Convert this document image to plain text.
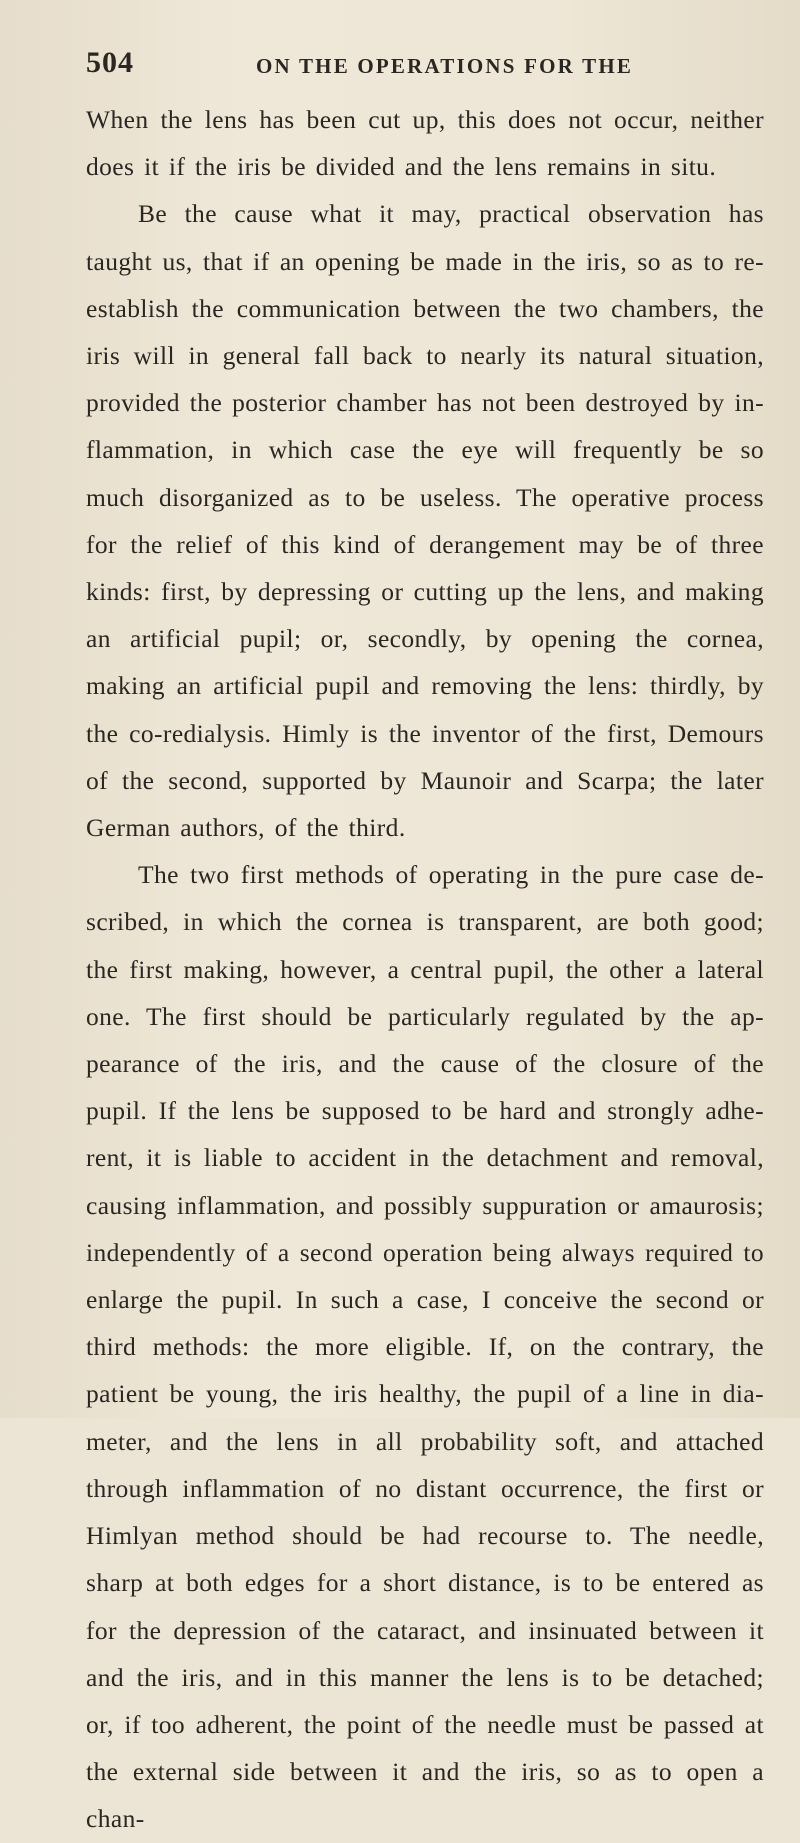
504	ON THE OPERATIONS FOR THE

When the lens has been cut up, this does not occur, neither does it if the iris be divided and the lens remains in situ.

Be the cause what it may, practical observation has taught us, that if an opening be made in the iris, so as to re-establish the communication between the two chambers, the iris will in general fall back to nearly its natural situation, provided the posterior chamber has not been destroyed by in-flammation, in which case the eye will frequently be so much disorganized as to be useless. The operative process for the relief of this kind of derangement may be of three kinds: first, by depressing or cutting up the lens, and making an artificial pupil; or, secondly, by opening the cornea, making an artificial pupil and removing the lens: thirdly, by the co-redialysis. Himly is the inventor of the first, Demours of the second, supported by Maunoir and Scarpa; the later German authors, of the third.

The two first methods of operating in the pure case de-scribed, in which the cornea is transparent, are both good; the first making, however, a central pupil, the other a lateral one. The first should be particularly regulated by the ap-pearance of the iris, and the cause of the closure of the pupil. If the lens be supposed to be hard and strongly adhe-rent, it is liable to accident in the detachment and removal, causing inflammation, and possibly suppuration or amaurosis; independently of a second operation being always required to enlarge the pupil. In such a case, I conceive the second or third methods: the more eligible. If, on the contrary, the patient be young, the iris healthy, the pupil of a line in dia-meter, and the lens in all probability soft, and attached through inflammation of no distant occurrence, the first or Himlyan method should be had recourse to. The needle, sharp at both edges for a short distance, is to be entered as for the depression of the cataract, and insinuated between it and the iris, and in this manner the lens is to be detached; or, if too adherent, the point of the needle must be passed at the external side between it and the iris, so as to open a chan-
